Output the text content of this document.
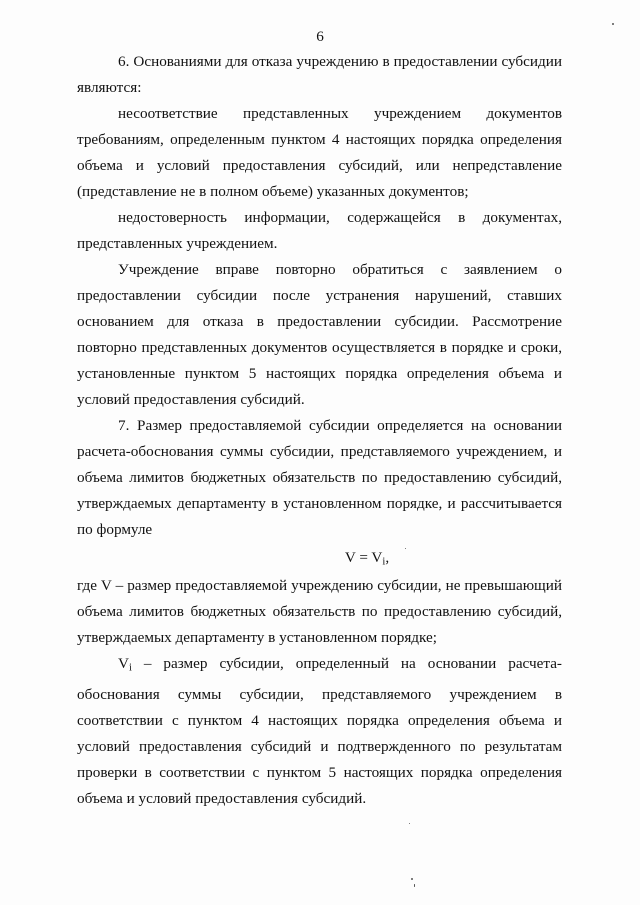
6

6. Основаниями для отказа учреждению в предоставлении субсидии являются:

несоответствие представленных учреждением документов требованиям, определенным пунктом 4 настоящих порядка определения объема и условий предоставления субсидий, или непредставление (представление не в полном объеме) указанных документов;

недостоверность информации, содержащейся в документах, представленных учреждением.

Учреждение вправе повторно обратиться с заявлением о предоставлении субсидии после устранения нарушений, ставших основанием для отказа в предоставлении субсидии. Рассмотрение повторно представленных документов осуществляется в порядке и сроки, установленные пунктом 5 настоящих порядка определения объема и условий предоставления субсидий.

7. Размер предоставляемой субсидии определяется на основании расчета-обоснования суммы субсидии, представляемого учреждением, и объема лимитов бюджетных обязательств по предоставлению субсидий, утверждаемых департаменту в установленном порядке, и рассчитывается по формуле

$V = V_i$,

где V – размер предоставляемой учреждению субсидии, не превышающий объема лимитов бюджетных обязательств по предоставлению субсидий, утверждаемых департаменту в установленном порядке;

$V_i$ – размер субсидии, определенный на основании расчета-обоснования суммы субсидии, представляемого учреждением в соответствии с пунктом 4 настоящих порядка определения объема и условий предоставления субсидий и подтвержденного по результатам проверки в соответствии с пунктом 5 настоящих порядка определения объема и условий предоставления субсидий.
